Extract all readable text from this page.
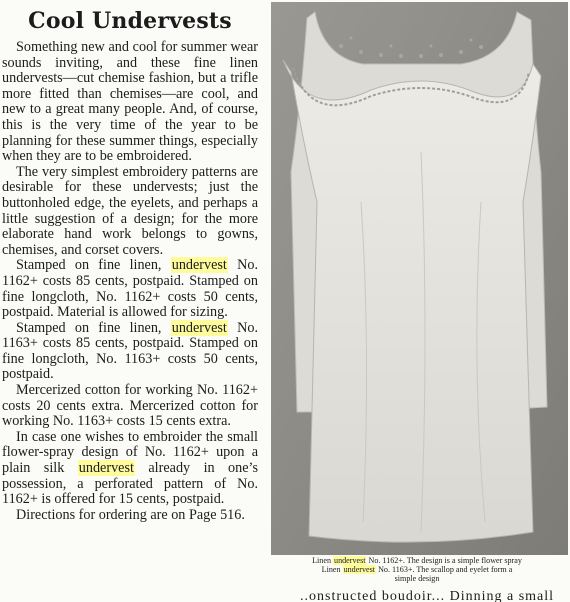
Cool Undervests

Something new and cool for summer wear sounds inviting, and these fine linen undervests—cut chemise fashion, but a trifle more fitted than chemises—are cool, and new to a great many people. And, of course, this is the very time of the year to be planning for these summer things, especially when they are to be embroidered.

The very simplest embroidery patterns are desirable for these undervests; just the buttonholed edge, the eyelets, and perhaps a little suggestion of a design; for the more elaborate hand work belongs to gowns, chemises, and corset covers.

Stamped on fine linen, undervest No. 1162+ costs 85 cents, postpaid. Stamped on fine longcloth, No. 1162+ costs 50 cents, postpaid. Material is allowed for sizing.

Stamped on fine linen, undervest No. 1163+ costs 85 cents, postpaid. Stamped on fine longcloth, No. 1163+ costs 50 cents, postpaid.

Mercerized cotton for working No. 1162+ costs 20 cents extra. Mercerized cotton for working No. 1163+ costs 15 cents extra.

In case one wishes to embroider the small flower-spray design of No. 1162+ upon a plain silk undervest already in one’s possession, a perforated pattern of No. 1162+ is offered for 15 cents, postpaid.

Directions for ordering are on Page 516.

Linen undervest No. 1162+. The design is a simple flower spray
Linen undervest No. 1163+. The scallop and eyelet form a
simple design
..onstructed boudoir... Dinning a small
